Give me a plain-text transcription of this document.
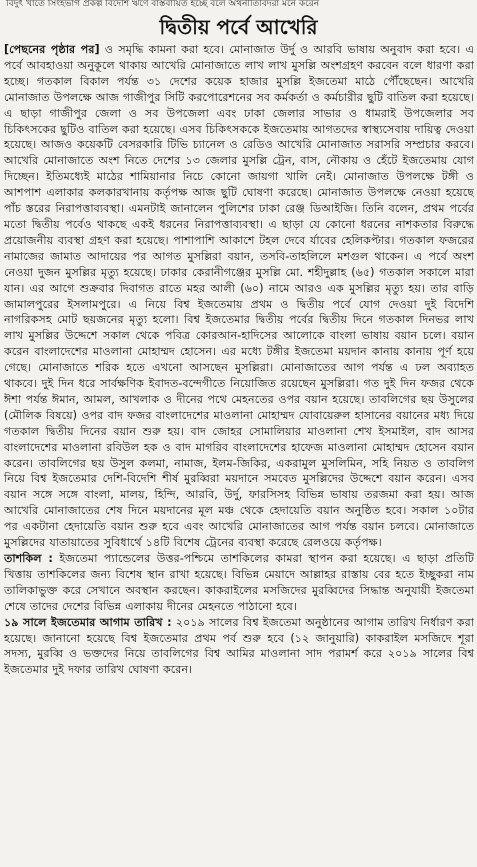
বিদুৎ খাতে সিংহভাগ প্রকল্প বিদেশি ঋণে বাস্তবায়িত হচ্ছে বলে অর্থনীতিবিদরা মনে করেন
দ্বিতীয় পর্বে আখেরি

[পেছনের পৃষ্ঠার পর] ও সমৃদ্ধি কামনা করা হবে। মোনাজাত উর্দু ও আরবি ভাষায় অনুবাদ করা হবে। এ পর্বে আবহাওয়া অনুকূলে থাকায় আখেরি মোনাজাতে লাখ লাখ মুসল্লি অংশগ্রহণ করবেন বলে ধারণা করা হচ্ছে। গতকাল বিকাল পর্যন্ত ৩১ দেশের কয়েক হাজার মুসল্লি ইজতেমা মাঠে পৌঁছেছেন। আখেরি মোনাজাত উপলক্ষে আজ গাজীপুর সিটি করপোরেশনের সব কর্মকর্তা ও কর্মচারীর ছুটি বাতিল করা হয়েছে। এ ছাড়া গাজীপুর জেলা ও সব উপজেলা এবং ঢাকা জেলার সাভার ও ধামরাই উপজেলার সব চিকিৎসকের ছুটিও বাতিল করা হয়েছে। এসব চিকিৎসককে ইজতেমায় আগতদের স্বাস্থ্যসেবায় দায়িত্ব দেওয়া হয়েছে। আজও কয়েকটি বেসরকারি টিভি চ্যানেল ও রেডিও আখেরি মোনাজাত সরাসরি সম্প্রচার করবে। আখেরি মোনাজাতে অংশ নিতে দেশের ১৩ জেলার মুসল্লি ট্রেন, বাস, নৌকায় ও হেঁটে ইজতেমায় যোগ দিচ্ছেন। ইতিমধ্যেই মাঠের শামিয়ানার নিচে কোনো জায়গা খালি নেই। মোনাজাত উপলক্ষে টঙ্গী ও আশপাশ এলাকার কলকারখানায় কর্তৃপক্ষ আজ ছুটি ঘোষণা করেছে। মোনাজাত উপলক্ষে নেওয়া হয়েছে পাঁচ স্তরের নিরাপত্তাব্যবস্থা। এমনটাই জানালেন পুলিশের ঢাকা রেঞ্জ ডিআইজি। তিনি বলেন, প্রথম পর্বের মতো দ্বিতীয় পর্বেও থাকছে একই ধরনের নিরাপত্তাব্যবস্থা। এ ছাড়া যে কোনো ধরনের নাশকতার বিরুদ্ধে প্রয়োজনীয় ব্যবস্থা গ্রহণ করা হয়েছে। পাশাপাশি আকাশে টহল দেবে র্যাবের হেলিকপ্টার। গতকাল ফজরের নামাজের জামাত আদায়ের পর আগত মুসল্লিরা বয়ান, তসবি-তাহলিলে মশগুল থাকেন। এ পর্বে অংশ নেওয়া দুজন মুসল্লির মৃত্যু হয়েছে। ঢাকার কেরানীগঞ্জের মুসল্লি মো. শহীদুল্লাহ (৬৫) গতকাল সকালে মারা যান। এর আগে শুক্রবার দিবাগত রাতে মহর আলী (৬০) নামে আরও এক মুসল্লির মৃত্যু হয়। তার বাড়ি জামালপুরের ইসলামপুরে। এ নিয়ে বিশ্ব ইজতেমায় প্রথম ও দ্বিতীয় পর্বে যোগ দেওয়া দুই বিদেশি নাগরিকসহ মোট ছয়জনের মৃত্যু হলো। বিশ্ব ইজতেমার দ্বিতীয় পর্বের দ্বিতীয় দিনে গতকাল দিনভর লাখ লাখ মুসল্লির উদ্দেশে সকাল থেকে পবিত্র কোরআন-হাদিসের আলোকে বাংলা ভাষায় বয়ান চলে। বয়ান করেন বাংলাদেশের মাওলানা মোহাম্মদ হোসেন। এর মধ্যে টঙ্গীর ইজতেমা ময়দান কানায় কানায় পূর্ণ হয়ে গেছে। মোনাজাতে শরিক হতে এখনো আসছেন মুসল্লিরা। মোনাজাতের আগ পর্যন্ত এ ঢল অব্যাহত থাকবে। দুই দিন ধরে সার্বক্ষণিক ইবাদত-বন্দেগীতে নিয়োজিত রয়েছেন মুসল্লিরা। গত দুই দিন ফজর থেকে ঈশা পর্যন্ত ঈমান, আমল, আখলাক ও দীনের পথে মেহনতের ওপর বয়ান হয়েছে। তাবলিগের ছয় উসুলের (মৌলিক বিষয়ে) ওপর বাদ ফজর বাংলাদেশের মাওলানা মোহাম্মদ যোবায়েরুল হাসানের বয়ানের মধ্য দিয়ে গতকাল দ্বিতীয় দিনের বয়ান শুরু হয়। বাদ জোহর সোমালিয়ার মাওলানা শেখ ইসমাইল, বাদ আসর বাংলাদেশের মাওলানা রবিউল হক ও বাদ মাগরিব বাংলাদেশের হাফেজ মাওলানা মোহাম্মদ হোসেন বয়ান করেন। তাবলিগের ছয় উসুল কলমা, নামাজ, ইলম-জিকির, একরামুল মুসলিমিন, সহি নিয়ত ও তাবলিগ নিয়ে বিশ্ব ইজতেমার দেশি-বিদেশি শীর্ষ মুরব্বিরা ময়দানে সমবেত মুসল্লিদের উদ্দেশে বয়ান করেন। এসব বয়ান সঙ্গে সঙ্গে বাংলা, মালয়, হিন্দি, আরবি, উর্দু, ফারসিসহ বিভিন্ন ভাষায় তরজমা করা হয়। আজ আখেরি মোনাজাতের শেষ দিনে ময়দানের মূল মঞ্চ থেকে হেদায়েতি বয়ান অনুষ্ঠিত হবে। সকাল ১০টার পর একটানা হেদায়েতি বয়ান শুরু হবে এবং আখেরি মোনাজাতের আগ পর্যন্ত বয়ান চলবে। মোনাজাতে মুসল্লিদের যাতায়াতের সুবিধার্থে ১৪টি বিশেষ ট্রেনের ব্যবস্থা করেছে রেলওয়ে কর্তৃপক্ষ।

তাশকিল : ইজতেমা প্যান্ডেলের উত্তর-পশ্চিমে তাশকিলের কামরা স্থাপন করা হয়েছে। এ ছাড়া প্রতিটি খিত্তায় তাশকিলের জন্য বিশেষ স্থান রাখা হয়েছে। বিভিন্ন মেয়াদে আল্লাহর রাস্তায় বের হতে ইচ্ছুকরা নাম তালিকাভুক্ত করে সেখানে অবস্থান করছেন। কাকরাইলের মসজিদের মুরব্বিদের সিদ্ধান্ত অনুযায়ী ইজতেমা শেষে তাদের দেশের বিভিন্ন এলাকায় দীনের মেহনতে পাঠানো হবে।

১৯ সালে ইজতেমার আগাম তারিখ : ২০১৯ সালের বিশ্ব ইজতেমা অনুষ্ঠানের আগাম তারিখ নির্ধারণ করা হয়েছে। জানানো হয়েছে বিশ্ব ইজতেমার প্রথম পর্ব শুরু হবে (১২ জানুয়ারি) কাকরাইল মসজিদে শূরা সদস্য, মুরব্বি ও ভক্তদের নিয়ে তাবলিগের বিশ্ব আমির মাওলানা সাদ পরামর্শ করে ২০১৯ সালের বিশ্ব ইজতেমার দুই দফার তারিখ ঘোষণা করেন।
